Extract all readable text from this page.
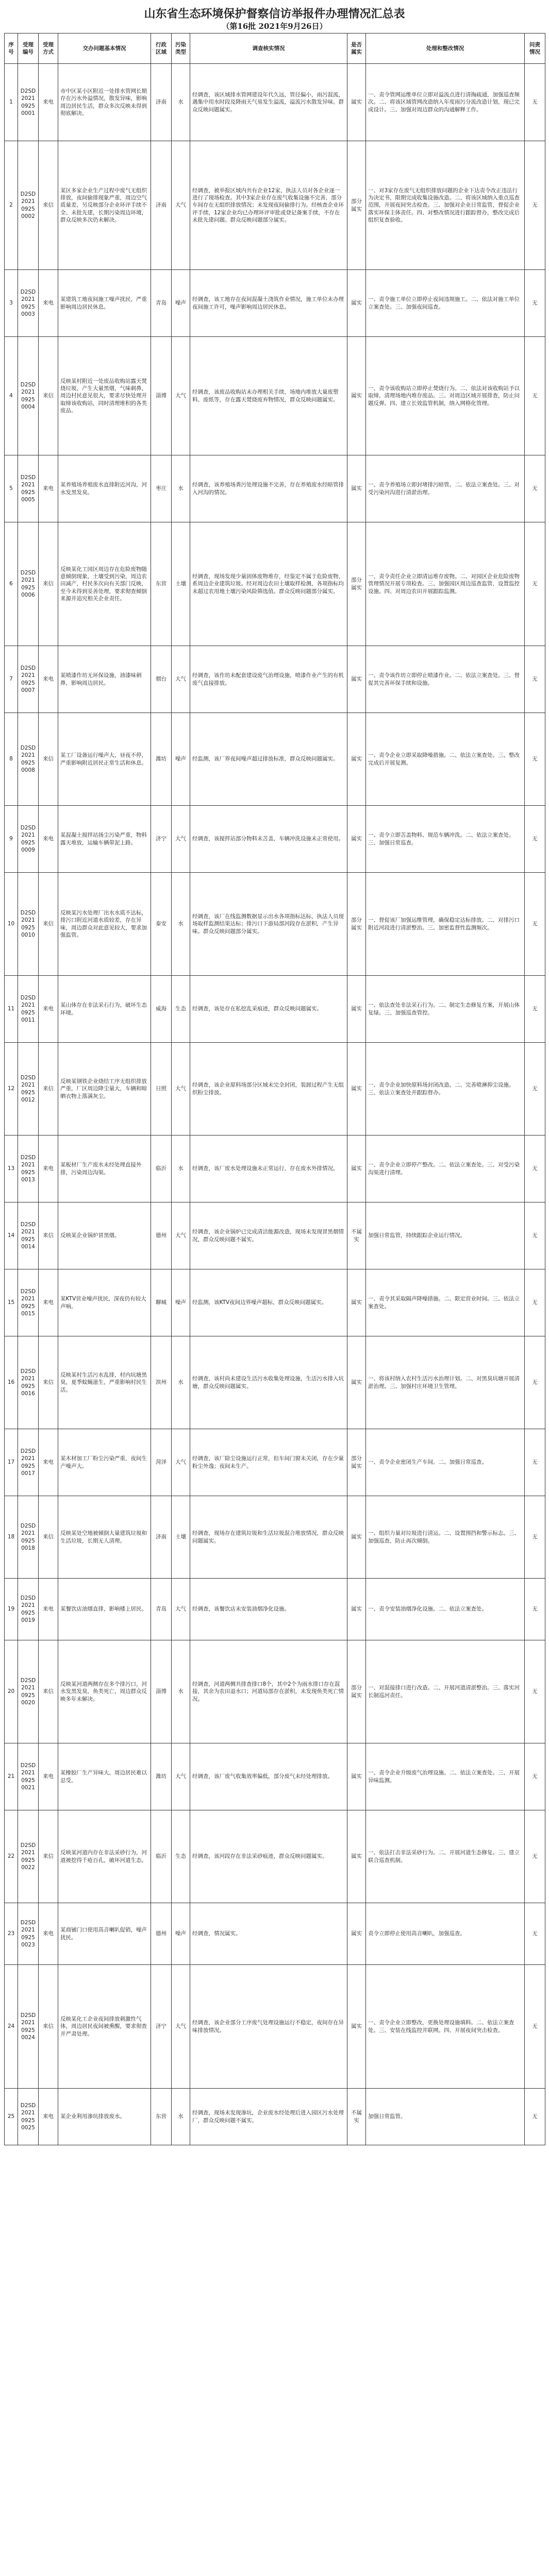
山东省生态环境保护督察信访举报件办理情况汇总表
（第16批 2021年9月26日）
序号	受理编号	受理方式	交办问题基本情况	行政区域	污染类型	调查核实情况	是否属实	处理和整改情况	问责情况
1	D2SD202109250001	来电	市中区某小区附近一处排水管网长期存在污水外溢情况，散发异味，影响周边居民生活，群众多次反映未得到彻底解决。	济南	水	经调查，该区域排水管网建设年代久远，管径偏小，雨污混流，遇集中用水时段及降雨天气易发生溢流，溢流污水散发异味。群众反映问题属实。	属实	一、责令管网运维单位立即对溢流点进行清掏疏通，加强巡查频次。二、将该区域管网改造纳入年度雨污分流改造计划，现已完成设计。三、加强对周边群众的沟通解释工作。	无
2	D2SD202109250002	来信	某区多家企业生产过程中废气无组织排放，夜间偷排现象严重，周边空气质量差，另反映部分企业环评手续不全、未批先建，长期污染周边环境，群众反映多次仍未解决。	济南	大气	经调查，被举报区域内共有企业12家，执法人员对各企业逐一进行了现场检查。其中3家企业存在废气收集设施不完善，部分车间存在无组织排放情况；未发现夜间偷排行为。经核查企业环评手续，12家企业均已办理环评审批或登记备案手续，不存在未批先建问题。群众反映问题部分属实。	部分属实	一、对3家存在废气无组织排放问题的企业下达责令改正违法行为决定书，限期完成收集设施改造。二、将该区域纳入重点巡查范围，开展夜间突击检查。三、加强对企业日常监管，督促企业落实环保主体责任。四、对整改情况进行跟踪督办，整改完成后组织复查验收。	无
3	D2SD202109250003	来电	某建筑工地夜间施工噪声扰民，严重影响周边居民休息。	青岛	噪声	经调查，该工地存在夜间混凝土浇筑作业情况，施工单位未办理夜间施工许可，噪声影响周边居民休息。	属实	一、责令施工单位立即停止夜间违规施工。二、依法对施工单位立案查处。三、加强夜间巡查。	无
4	D2SD202109250004	来信	反映某村附近一处废品收购站露天焚烧垃圾，产生大量黑烟，气味刺鼻，周边村民意见很大，要求尽快处理并取缔该收购站，同时清理堆积的各类废品。	淄博	大气	经调查，该废品收购站未办理相关手续，场地内堆放大量废塑料、废纸等，存在露天焚烧废弃物情况，群众反映问题属实。	属实	一、责令该收购站立即停止焚烧行为。二、依法对该收购站予以取缔，清理场地内堆存废品。三、对周边区域开展排查，防止问题反弹。四、建立长效监管机制，纳入网格化管理。	无
5	D2SD202109250005	来电	某养殖场养殖废水直排附近河沟，河水发黑发臭。	枣庄	水	经调查，该养殖场粪污处理设施不完善，存在养殖废水经暗管排入河沟的情况。	属实	一、责令养殖场立即封堵排污暗管。二、依法立案查处。三、对受污染河沟进行清淤治理。	无
6	D2SD202109250006	来信	反映某化工园区周边存在危险废物随意倾倒现象，土壤受到污染，周边农田减产，村民多次向有关部门反映，至今未得到妥善处理，要求彻查倾倒来源并追究相关企业责任。	东营	土壤	经调查，现场发现少量固体废物堆存，经鉴定不属于危险废物，系周边企业建筑垃圾。经对周边农田土壤取样检测，各项指标均未超过农用地土壤污染风险筛选值。群众反映问题部分属实。	部分属实	一、责令责任企业立即清运堆存废物。二、对园区企业危险废物管理情况开展专项检查。三、加强园区周边巡查监管，设置监控设施。四、对周边农田开展跟踪监测。	无
7	D2SD202109250007	来电	某喷漆作坊无环保设施，油漆味刺鼻，影响周边居民。	烟台	大气	经调查，该作坊未配套建设废气治理设施，喷漆作业产生的有机废气直接排放。	属实	一、责令该作坊立即停止喷漆作业。二、依法立案查处。三、督促其完善环保手续和设施。	无
8	D2SD202109250008	来信	某工厂设备运行噪声大，昼夜不停，严重影响附近居民正常生活和休息。	潍坊	噪声	经监测，该厂界夜间噪声超过排放标准，群众反映问题属实。	属实	一、责令企业立即采取降噪措施。二、依法立案查处。三、整改完成后开展复测。	无
9	D2SD202109250009	来电	某混凝土搅拌站扬尘污染严重，物料露天堆放，运输车辆带泥上路。	济宁	大气	经调查，该搅拌站部分物料未苫盖，车辆冲洗设施未正常使用。	属实	一、责令立即苫盖物料、规范车辆冲洗。二、依法立案查处。三、加强日常巡查。	无
10	D2SD202109250010	来信	反映某污水处理厂出水水质不达标，排污口附近河道水质较差，存在异味，周边群众对此意见较大，要求加强监管。	泰安	水	经调查，该厂在线监测数据显示出水各项指标达标，执法人员现场取样监测结果达标；排污口下游局部河段存在淤积，产生异味。群众反映问题部分属实。	部分属实	一、督促该厂加强运维管理，确保稳定达标排放。二、对排污口附近河段进行清淤整治。三、加密监督性监测频次。	无
11	D2SD202109250011	来电	某山体存在非法采石行为，破坏生态环境。	威海	生态	经调查，该处存在私挖乱采痕迹，群众反映问题属实。	属实	一、依法查处非法采石行为。二、制定生态修复方案，开展山体复绿。三、加强巡查管控。	无
12	D2SD202109250012	来信	反映某钢铁企业烧结工序无组织排放严重，厂区周边降尘量大，车辆和晾晒衣物上落满灰尘。	日照	大气	经调查，该企业原料场部分区域未完全封闭，装卸过程产生无组织粉尘排放。	属实	一、责令企业加快原料场封闭改造。二、完善喷淋抑尘设施。三、依法立案查处并跟踪督办。	无
13	D2SD202109250013	来电	某板材厂生产废水未经处理直接外排，污染周边沟渠。	临沂	水	经调查，该厂废水处理设施未正常运行，存在废水外排情况。	属实	一、责令企业立即停产整改。二、依法立案查处。三、对受污染沟渠进行清理。	无
14	D2SD202109250014	来信	反映某企业锅炉冒黑烟。	德州	大气	经调查，该企业锅炉已完成清洁能源改造，现场未发现冒黑烟情况，群众反映问题不属实。	不属实	加强日常监管，持续跟踪企业运行情况。	无
15	D2SD202109250015	来电	某KTV营业噪声扰民，深夜仍有较大声响。	聊城	噪声	经监测，该KTV夜间边界噪声超标，群众反映问题属实。	属实	一、责令其采取隔声降噪措施。二、限定营业时间。三、依法立案查处。	无
16	D2SD202109250016	来信	反映某村生活污水乱排，村内坑塘黑臭，夏季蚊蝇滋生，严重影响村民生活。	滨州	水	经调查，该村尚未建设生活污水收集处理设施，生活污水排入坑塘，群众反映问题属实。	属实	一、将该村纳入农村生活污水治理计划。二、对黑臭坑塘开展清淤治理。三、加强村庄环境卫生管理。	无
17	D2SD202109250017	来电	某木材加工厂粉尘污染严重，夜间生产噪声大。	菏泽	大气	经调查，该厂除尘设施运行正常，但车间门窗未关闭，存在少量粉尘外逸；夜间未生产。	部分属实	一、责令企业密闭生产车间。二、加强日常巡查。	无
18	D2SD202109250018	来信	反映某处空地被倾倒大量建筑垃圾和生活垃圾，长期无人清理。	济南	土壤	经调查，现场存在建筑垃圾和生活垃圾混合堆放情况，群众反映问题属实。	属实	一、组织力量对垃圾进行清运。二、设置围挡和警示标志。三、加强巡查，防止再次倾倒。	无
19	D2SD202109250019	来电	某餐饮店油烟直排，影响楼上居民。	青岛	大气	经调查，该餐饮店未安装油烟净化设施。	属实	一、责令安装油烟净化设施。二、依法立案查处。	无
20	D2SD202109250020	来信	反映某河道两侧存在多个排污口，河水发黑发臭，鱼类死亡，周边群众反映多年未解决。	淄博	水	经调查，河道两侧共排查排口8个，其中2个为雨水排口存在混接，其余为农田退水口；河道局部存在淤积，未发现鱼类死亡情况。	部分属实	一、对混接排口进行改造。二、开展河道清淤整治。三、落实河长制巡河责任。	无
21	D2SD202109250021	来电	某橡胶厂生产异味大，周边居民难以忍受。	潍坊	大气	经调查，该厂废气收集效率偏低，部分废气未经处理排放。	属实	一、责令企业升级废气治理设施。二、依法立案查处。三、开展异味监测。	无
22	D2SD202109250022	来信	反映某河道内存在非法采砂行为，河道被挖得千疮百孔，破坏河道生态。	临沂	生态	经调查，该河段存在非法采砂痕迹，群众反映问题属实。	属实	一、依法打击非法采砂行为。二、开展河道生态修复。三、建立联合巡查机制。	无
23	D2SD202109250023	来电	某商铺门口使用高音喇叭促销，噪声扰民。	德州	噪声	经调查，情况属实。	属实	责令立即停止使用高音喇叭，加强巡查。	无
24	D2SD202109250024	来信	反映某化工企业夜间排放刺激性气体，周边居民夜间被熏醒，要求彻查并严肃处理。	济宁	大气	经调查，该企业部分工序废气处理设施运行不稳定，夜间存在异味排放情况。	属实	一、责令企业立即整改，更换处理设施填料。二、依法立案查处。三、安装在线监控并联网。四、开展夜间突击检查。	无
25	D2SD202109250025	来电	某企业利用渗坑排放废水。	东营	水	经调查，现场未发现渗坑，企业废水经处理后进入园区污水处理厂，群众反映问题不属实。	不属实	加强日常监管。	无
